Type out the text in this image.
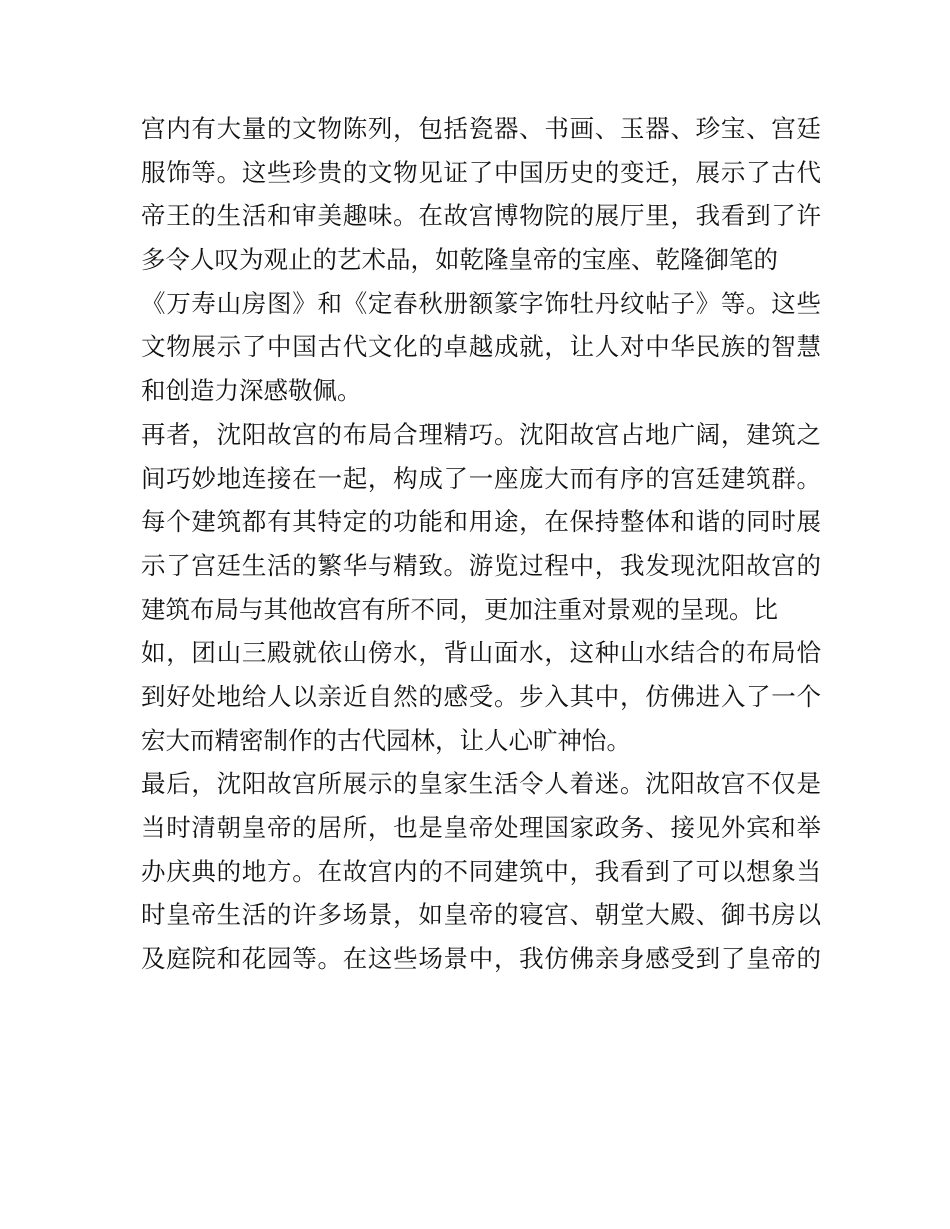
宫内有大量的文物陈列，包括瓷器、书画、玉器、珍宝、宫廷
服饰等。这些珍贵的文物见证了中国历史的变迁，展示了古代
帝王的生活和审美趣味。在故宫博物院的展厅里，我看到了许
多令人叹为观止的艺术品，如乾隆皇帝的宝座、乾隆御笔的
《万寿山房图》和《定春秋册额篆字饰牡丹纹帖子》等。这些
文物展示了中国古代文化的卓越成就，让人对中华民族的智慧
和创造力深感敬佩。
再者，沈阳故宫的布局合理精巧。沈阳故宫占地广阔，建筑之
间巧妙地连接在一起，构成了一座庞大而有序的宫廷建筑群。
每个建筑都有其特定的功能和用途，在保持整体和谐的同时展
示了宫廷生活的繁华与精致。游览过程中，我发现沈阳故宫的
建筑布局与其他故宫有所不同，更加注重对景观的呈现。比
如，团山三殿就依山傍水，背山面水，这种山水结合的布局恰
到好处地给人以亲近自然的感受。步入其中，仿佛进入了一个
宏大而精密制作的古代园林，让人心旷神怡。
最后，沈阳故宫所展示的皇家生活令人着迷。沈阳故宫不仅是
当时清朝皇帝的居所，也是皇帝处理国家政务、接见外宾和举
办庆典的地方。在故宫内的不同建筑中，我看到了可以想象当
时皇帝生活的许多场景，如皇帝的寝宫、朝堂大殿、御书房以
及庭院和花园等。在这些场景中，我仿佛亲身感受到了皇帝的
